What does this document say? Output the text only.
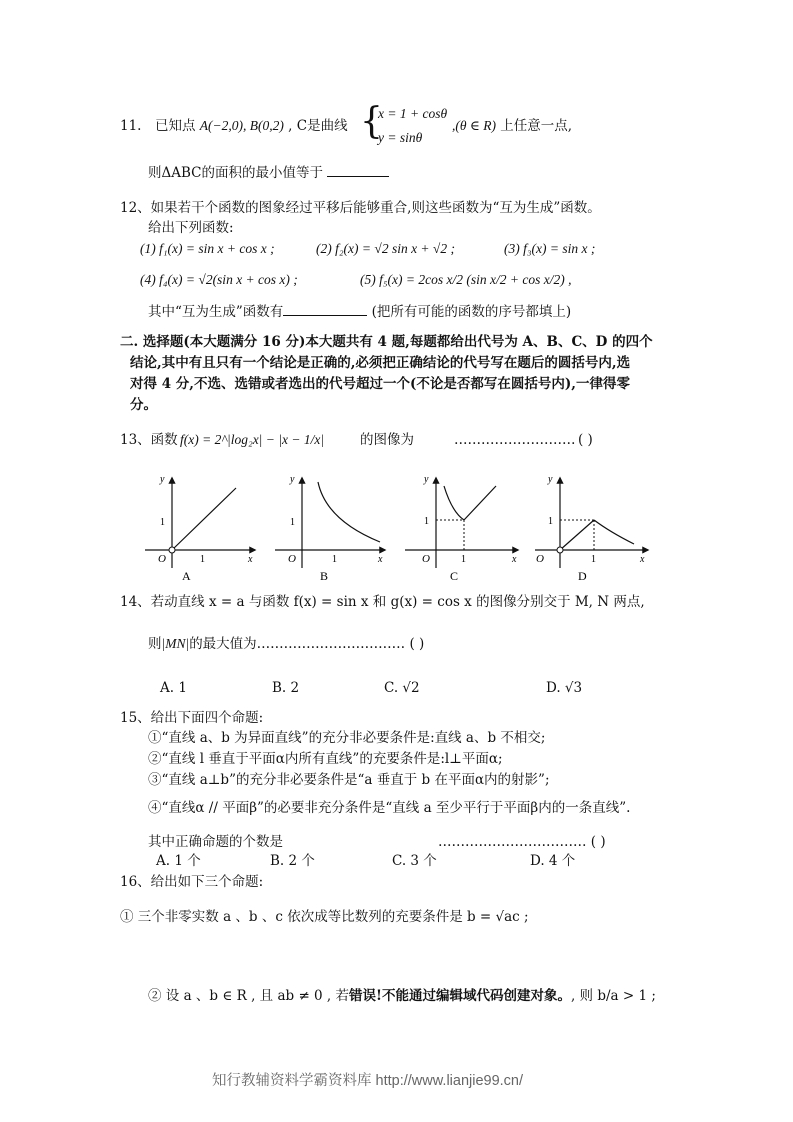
11. 已知点 A(−2,0), B(0,2) , C是曲线 {
x = 1 + cosθ
y = sinθ
,(θ ∈ R) 上任意一点,
则ΔABC的面积的最小值等于
12、如果若干个函数的图象经过平移后能够重合,则这些函数为“互为生成”函数。
给出下列函数:
(1) f₁(x) = sin x + cos x ;	(2) f₂(x) = √2 sin x + √2 ;	(3) f₃(x) = sin x ;
(4) f₄(x) = √2(sin x + cos x) ;	(5) f₅(x) = 2cos x/2 (sin x/2 + cos x/2) ,
其中“互为生成”函数有	(把所有可能的函数的序号都填上)
二. 选择题(本大题满分 16 分)本大题共有 4 题,每题都给出代号为 A、B、C、D 的四个
结论,其中有且只有一个结论是正确的,必须把正确结论的代号写在题后的圆括号内,选
对得 4 分,不选、选错或者选出的代号超过一个(不论是否都写在圆括号内),一律得零
分。
13、函数 f(x) = 2^|log₂x| − |x − 1/x|	的图像为	……………………… ( )
y
x
O	1
1
A
y
x
O	1
1
B
y
x
O	1
1
C
y
x
O	1
1
D
14、若动直线 x = a 与函数 f(x) = sin x 和 g(x) = cos x 的图像分别交于 M, N 两点,
则|MN|的最大值为…………………………… ( )
A. 1	B. 2	C. √2	D. √3
15、给出下面四个命题:
①“直线 a、b 为异面直线”的充分非必要条件是:直线 a、b 不相交;
②“直线 l 垂直于平面α内所有直线”的充要条件是:l⊥平面α;
③“直线 a⊥b”的充分非必要条件是“a 垂直于 b 在平面α内的射影”;
④“直线α // 平面β”的必要非充分条件是“直线 a 至少平行于平面β内的一条直线”.
其中正确命题的个数是	…………………………… ( )
A. 1 个	B. 2 个	C. 3 个	D. 4 个
16、给出如下三个命题:
① 三个非零实数 a 、b 、c 依次成等比数列的充要条件是 b = √ac ;
② 设 a 、b ∈ R , 且 ab ≠ 0 , 若错误!不能通过编辑域代码创建对象。, 则 b/a > 1 ;
知行教辅资料学霸资料库 http://www.lianjie99.cn/
